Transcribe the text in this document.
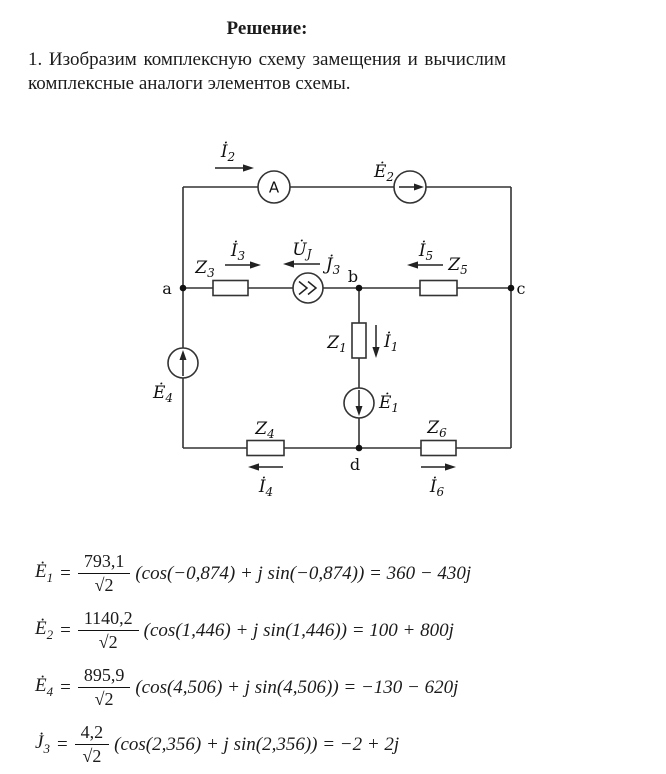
Решение:
1. Изобразим комплексную схему замещения и вычислим комплексные аналоги элементов схемы.
A
$İ_2$
$Ė_2$
$Z_3$
$İ_3$	U̇J
$J̇_3$
$İ_5$ $Z_5$
$Z_1$ $İ_1$
$Ė_4$	$Ė_1$
$Z_4$
$İ_4$
$Z_6$
$İ_6$
a
b
c
d
$Ė_1 = \frac{793,1}{√2} (\cos(-0,874) + j$ sin(−0,874)) = 360 − 430j
$Ė_2 = \frac{1140,2}{√2} (\cos(1,446) + j$ sin(1,446)) = 100 + 800j
$Ė_4 = \frac{895,9}{√2} (\cos(4,506) + j$ sin(4,506)) = −130 − 620j
$J̇_3 = \frac{4,2}{√2} (\cos(2,356) + j$ sin(2,356)) = −2 + 2j
